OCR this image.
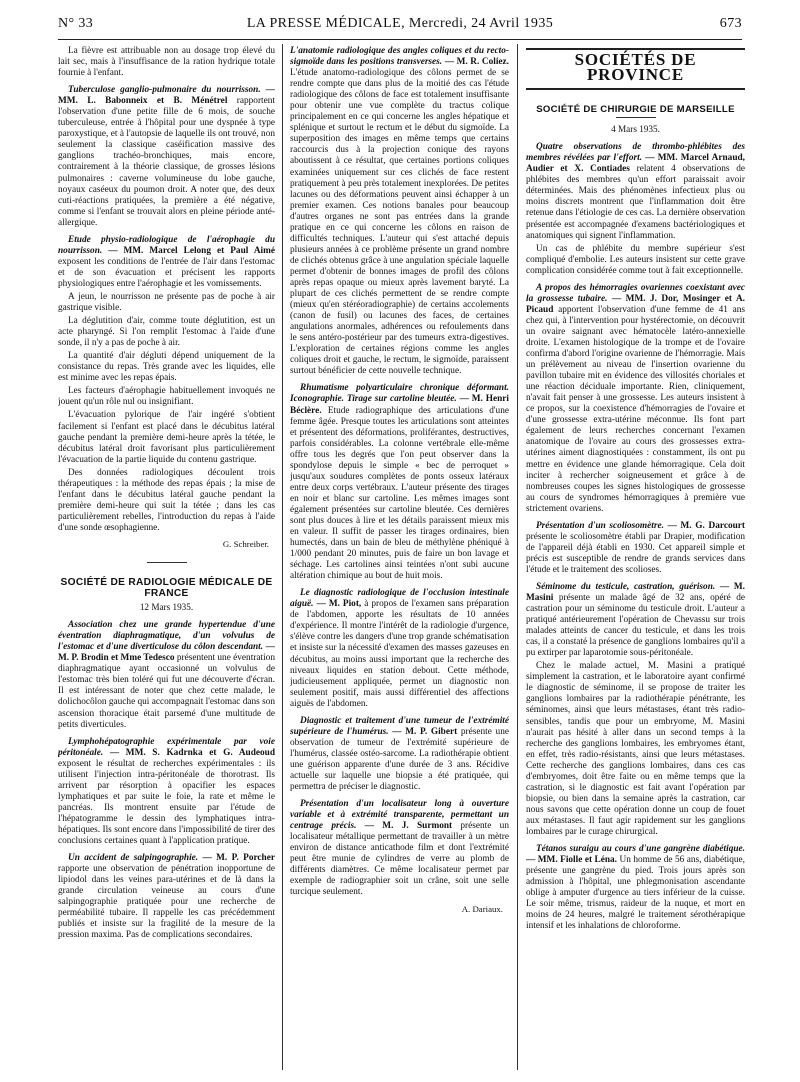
N° 33	LA PRESSE MÉDICALE, Mercredi, 24 Avril 1935	673

La fièvre est attribuable non au dosage trop élevé du lait sec, mais à l'insuffisance de la ration hydrique totale fournie à l'enfant.

Tuberculose ganglio-pulmonaire du nourrisson. — MM. L. Babonneix et B. Ménétrel rapportent l'observation d'une petite fille de 6 mois, de souche tuberculeuse, entrée à l'hôpital pour une dyspnée à type paroxystique, et à l'autopsie de laquelle ils ont trouvé, non seulement la classique caséification massive des ganglions trachéo-bronchiques, mais encore, contrairement à la théorie classique, de grosses lésions pulmonaires : caverne volumineuse du lobe gauche, noyaux caséeux du poumon droit. A noter que, des deux cuti-réactions pratiquées, la première a été négative, comme si l'enfant se trouvait alors en pleine période anté-allergique.

Etude physio-radiologique de l'aérophagie du nourrisson. — MM. Marcel Lelong et Paul Aimé exposent les conditions de l'entrée de l'air dans l'estomac et de son évacuation et précisent les rapports physiologiques entre l'aérophagie et les vomissements.

A jeun, le nourrisson ne présente pas de poche à air gastrique visible.

La déglutition d'air, comme toute déglutition, est un acte pharyngé. Si l'on remplit l'estomac à l'aide d'une sonde, il n'y a pas de poche à air.

La quantité d'air dégluti dépend uniquement de la consistance du repas. Très grande avec les liquides, elle est minime avec les repas épais.

Les facteurs d'aérophagie habituellement invoqués ne jouent qu'un rôle nul ou insignifiant.

L'évacuation pylorique de l'air ingéré s'obtient facilement si l'enfant est placé dans le décubitus latéral gauche pendant la première demi-heure après la tétée, le décubitus latéral droit favorisant plus particulièrement l'évacuation de la partie liquide du contenu gastrique.

Des données radiologiques découlent trois thérapeutiques : la méthode des repas épais ; la mise de l'enfant dans le décubitus latéral gauche pendant la première demi-heure qui suit la tétée ; dans les cas particulièrement rebelles, l'introduction du repas à l'aide d'une sonde œsophagienne.

G. Schreiber.
SOCIÉTÉ DE RADIOLOGIE MÉDICALE DE FRANCE
12 Mars 1935.

Association chez une grande hypertendue d'une éventration diaphragmatique, d'un volvulus de l'estomac et d'une diverticulose du côlon descendant. — M. P. Brodin et Mme Tedesco présentent une éventration diaphragmatique ayant occasionné un volvulus de l'estomac très bien toléré qui fut une découverte d'écran. Il est intéressant de noter que chez cette malade, le dolichocôlon gauche qui accompagnait l'estomac dans son ascension thoracique était parsemé d'une multitude de petits diverticules.

Lymphohépatographie expérimentale par voie péritonéale. — MM. S. Kadrnka et G. Audeoud exposent le résultat de recherches expérimentales : ils utilisent l'injection intra-péritonéale de thorotrast. Ils arrivent par résorption à opacifier les espaces lymphatiques et par suite le foie, la rate et même le pancréas. Ils montrent ensuite par l'étude de l'hépatogramme le dessin des lymphatiques intra-hépatiques. Ils sont encore dans l'impossibilité de tirer des conclusions certaines quant à l'application pratique.

Un accident de salpingographie. — M. P. Porcher rapporte une observation de pénétration inopportune de lipiodol dans les veines para-utérines et de là dans la grande circulation veineuse au cours d'une salpingographie pratiquée pour une recherche de perméabilité tubaire. Il rappelle les cas précédemment publiés et insiste sur la fragilité de la mesure de la pression maxima. Pas de complications secondaires.

L'anatomie radiologique des angles coliques et du recto-sigmoïde dans les positions transverses. — M. R. Coliez. L'étude anatomo-radiologique des côlons permet de se rendre compte que dans plus de la moitié des cas l'étude radiologique des côlons de face est totalement insuffisante pour obtenir une vue complète du tractus colique principalement en ce qui concerne les angles hépatique et splénique et surtout le rectum et le début du sigmoïde. La superposition des images en même temps que certains raccourcis dus à la projection conique des rayons aboutissent à ce résultat, que certaines portions coliques examinées uniquement sur ces clichés de face restent pratiquement à peu près totalement inexplorées. De petites lacunes ou des déformations peuvent ainsi échapper à un premier examen. Ces notions banales pour beaucoup d'autres organes ne sont pas entrées dans la grande pratique en ce qui concerne les côlons en raison de difficultés techniques. L'auteur qui s'est attaché depuis plusieurs années à ce problème présente un grand nombre de clichés obtenus grâce à une angulation spéciale laquelle permet d'obtenir de bonnes images de profil des côlons après repas opaque ou mieux après lavement baryté. La plupart de ces clichés permettent de se rendre compte (mieux qu'en stéréoradiographie) de certains accolements (canon de fusil) ou lacunes des faces, de certaines angulations anormales, adhérences ou refoulements dans le sens antéro-postérieur par des tumeurs extra-digestives. L'exploration de certaines régions comme les angles coliques droit et gauche, le rectum, le sigmoïde, paraissent surtout bénéficier de cette nouvelle technique.

Rhumatisme polyarticulaire chronique déformant. Iconographie. Tirage sur cartoline bleutée. — M. Henri Béclère. Etude radiographique des articulations d'une femme âgée. Presque toutes les articulations sont atteintes et présentent des déformations, proliférantes, destructives, parfois considérables. La colonne vertébrale elle-même offre tous les degrés que l'on peut observer dans la spondylose depuis le simple « bec de perroquet » jusqu'aux soudures complètes de ponts osseux latéraux entre deux corps vertébraux. L'auteur présente des tirages en noir et blanc sur cartoline. Les mêmes images sont également présentées sur cartoline bleutée. Ces dernières sont plus douces à lire et les détails paraissent mieux mis en valeur. Il suffit de passer les tirages ordinaires, bien humectés, dans un bain de bleu de méthylène phéniqué à 1/000 pendant 20 minutes, puis de faire un bon lavage et séchage. Les cartolines ainsi teintées n'ont subi aucune altération chimique au bout de huit mois.

Le diagnostic radiologique de l'occlusion intestinale aiguë. — M. Piot, à propos de l'examen sans préparation de l'abdomen, apporte les résultats de 10 années d'expérience. Il montre l'intérêt de la radiologie d'urgence, s'élève contre les dangers d'une trop grande schématisation et insiste sur la nécessité d'examen des masses gazeuses en décubitus, au moins aussi important que la recherche des niveaux liquides en station debout. Cette méthode, judicieusement appliquée, permet un diagnostic non seulement positif, mais aussi différentiel des affections aiguës de l'abdomen.

Diagnostic et traitement d'une tumeur de l'extrémité supérieure de l'humérus. — M. P. Gibert présente une observation de tumeur de l'extrémité supérieure de l'humérus, classée ostéo-sarcome. La radiothérapie obtient une guérison apparente d'une durée de 3 ans. Récidive actuelle sur laquelle une biopsie a été pratiquée, qui permettra de préciser le diagnostic.

Présentation d'un localisateur long à ouverture variable et à extrémité transparente, permettant un centrage précis. — M. J. Surmont présente un localisateur métallique permettant de travailler à un mètre environ de distance anticathode film et dont l'extrémité peut être munie de cylindres de verre au plomb de différents diamètres. Ce même localisateur permet par exemple de radiographier soit un crâne, soit une selle turcique seulement.

A. Dariaux.
SOCIÉTÉS DE PROVINCE
SOCIÉTÉ DE CHIRURGIE DE MARSEILLE
4 Mars 1935.

Quatre observations de thrombo-phlébites des membres révélées par l'effort. — MM. Marcel Arnaud, Audier et X. Contiades relatent 4 observations de phlébites des membres qu'un effort paraissait avoir déterminées. Mais des phénomènes infectieux plus ou moins discrets montrent que l'inflammation doit être retenue dans l'étiologie de ces cas. La dernière observation présentée est accompagnée d'examens bactériologiques et anatomiques qui signent l'inflammation.

Un cas de phlébite du membre supérieur s'est compliqué d'embolie. Les auteurs insistent sur cette grave complication considérée comme tout à fait exceptionnelle.

A propos des hémorragies ovariennes coexistant avec la grossesse tubaire. — MM. J. Dor, Mosinger et A. Picaud apportent l'observation d'une femme de 41 ans chez qui, à l'intervention pour hystérectomie, on découvrit un ovaire saignant avec hématocèle latéro-annexielle droite. L'examen histologique de la trompe et de l'ovaire confirma d'abord l'origine ovarienne de l'hémorragie. Mais un prélèvement au niveau de l'insertion ovarienne du pavillon tubaire mit en évidence des villosités choriales et une réaction déciduale importante. Rien, cliniquement, n'avait fait penser à une grossesse. Les auteurs insistent à ce propos, sur la coexistence d'hémorragies de l'ovaire et d'une grossesse extra-utérine méconnue. Ils font part également de leurs recherches concernant l'examen anatomique de l'ovaire au cours des grossesses extra-utérines aiment diagnostiquées : constamment, ils ont pu mettre en évidence une glande hémorragique. Cela doit inciter à rechercher soigneusement et grâce à de nombreuses coupes les signes histologiques de grossesse au cours de syndromes hémorragiques à première vue strictement ovariens.

Présentation d'un scoliosomètre. — M. G. Darcourt présente le scoliosomètre établi par Drapier, modification de l'appareil déjà établi en 1930. Cet appareil simple et précis est susceptible de rendre de grands services dans l'étude et le traitement des scolioses.

Séminome du testicule, castration, guérison. — M. Masini présente un malade âgé de 32 ans, opéré de castration pour un séminome du testicule droit. L'auteur a pratiqué antérieurement l'opération de Chevassu sur trois malades atteints de cancer du testicule, et dans les trois cas, il a constaté la présence de ganglions lombaires qu'il a pu extirper par laparotomie sous-péritonéale.

Chez le malade actuel, M. Masini a pratiqué simplement la castration, et le laboratoire ayant confirmé le diagnostic de séminome, il se propose de traiter les ganglions lombaires par la radiothérapie pénétrante, les séminomes, ainsi que leurs métastases, étant très radio-sensibles, tandis que pour un embryome, M. Masini n'aurait pas hésité à aller dans un second temps à la recherche des ganglions lombaires, les embryomes étant, en effet, très radio-résistants, ainsi que leurs métastases. Cette recherche des ganglions lombaires, dans ces cas d'embryomes, doit être faite ou en même temps que la castration, si le diagnostic est fait avant l'opération par biopsie, ou bien dans la semaine après la castration, car nous savons que cette opération donne un coup de fouet aux métastases. Il faut agir rapidement sur les ganglions lombaires par le curage chirurgical.

Tétanos suraigu au cours d'une gangrène diabétique. — MM. Fiolle et Léna. Un homme de 56 ans, diabétique, présente une gangrène du pied. Trois jours après son admission à l'hôpital, une phlegmonisation ascendante oblige à amputer d'urgence au tiers inférieur de la cuisse. Le soir même, trismus, raideur de la nuque, et mort en moins de 24 heures, malgré le traitement sérothérapique intensif et les inhalations de chloroforme.
